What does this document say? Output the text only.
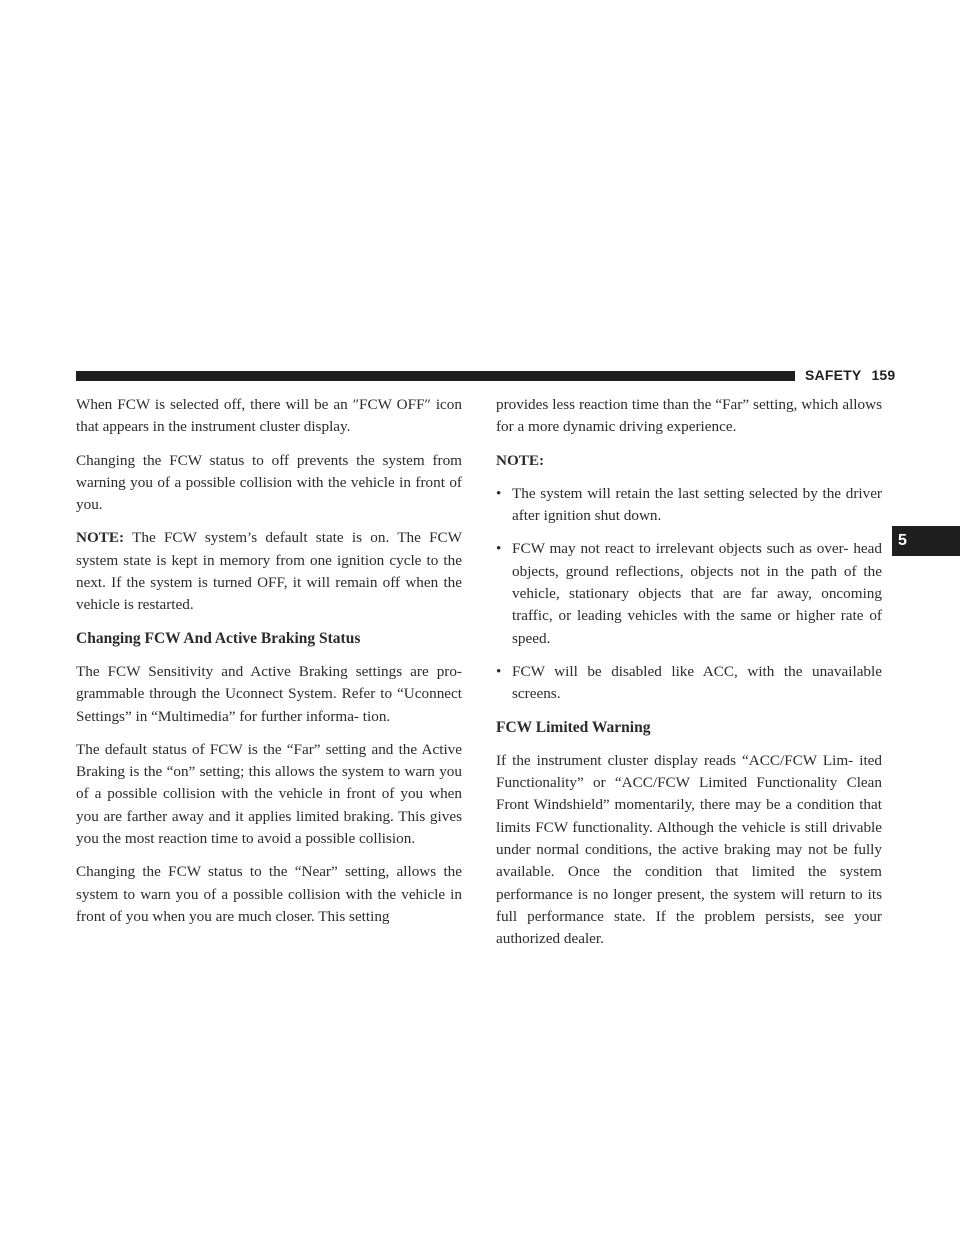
SAFETY 159
5

When FCW is selected off, there will be an ″FCW OFF″ icon that appears in the instrument cluster display.

Changing the FCW status to off prevents the system from warning you of a possible collision with the vehicle in front of you.

NOTE: The FCW system’s default state is on. The FCW system state is kept in memory from one ignition cycle to the next. If the system is turned OFF, it will remain off when the vehicle is restarted.

Changing FCW And Active Braking Status

The FCW Sensitivity and Active Braking settings are pro- grammable through the Uconnect System. Refer to “Uconnect Settings” in “Multimedia” for further informa- tion.

The default status of FCW is the “Far” setting and the Active Braking is the “on” setting; this allows the system to warn you of a possible collision with the vehicle in front of you when you are farther away and it applies limited braking. This gives you the most reaction time to avoid a possible collision.

Changing the FCW status to the “Near” setting, allows the system to warn you of a possible collision with the vehicle in front of you when you are much closer. This setting

provides less reaction time than the “Far” setting, which allows for a more dynamic driving experience.

NOTE:

• The system will retain the last setting selected by the driver after ignition shut down.
• FCW may not react to irrelevant objects such as over- head objects, ground reflections, objects not in the path of the vehicle, stationary objects that are far away, oncoming traffic, or leading vehicles with the same or higher rate of speed.
• FCW will be disabled like ACC, with the unavailable screens.
FCW Limited Warning

If the instrument cluster display reads “ACC/FCW Lim- ited Functionality” or “ACC/FCW Limited Functionality Clean Front Windshield” momentarily, there may be a condition that limits FCW functionality. Although the vehicle is still drivable under normal conditions, the active braking may not be fully available. Once the condition that limited the system performance is no longer present, the system will return to its full performance state. If the problem persists, see your authorized dealer.
